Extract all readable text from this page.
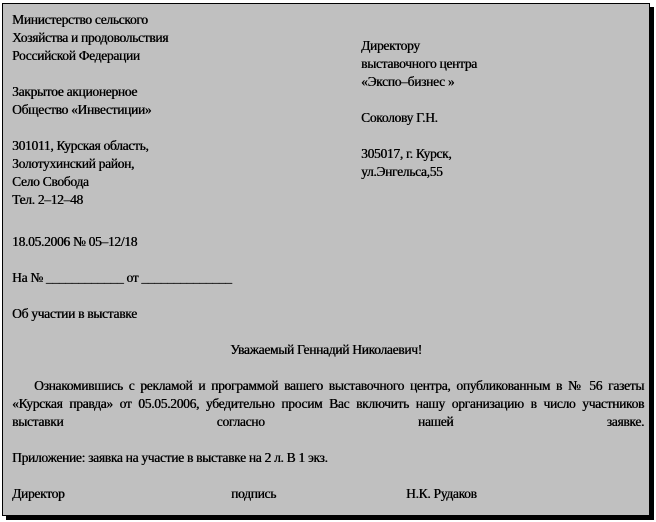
Министерство сельского
Хозяйства и продовольствия
Российской Федерации
Закрытое акционерное
Общество «Инвестиции»
301011, Курская область,
Золотухинский район,
Село Свобода
Тел. 2–12–48
Директору
выставочного центра
«Экспо–бизнес »
Соколову Г.Н.
305017, г. Курск,
ул.Энгельса,55
18.05.2006 № 05–12/18
На № ____________ от ______________
Об участии в выставке
Уважаемый Геннадий Николаевич!
Ознакомившись с рекламой и программой вашего выставочного центра, опубликованным в № 56 газеты «Курская правда» от 05.05.2006, убедительно просим Вас включить нашу организацию в число участников выставки согласно нашей заявке.
Приложение: заявка на участие в выставке на 2 л. В 1 экз.
Директор	подпись	Н.К. Рудаков
